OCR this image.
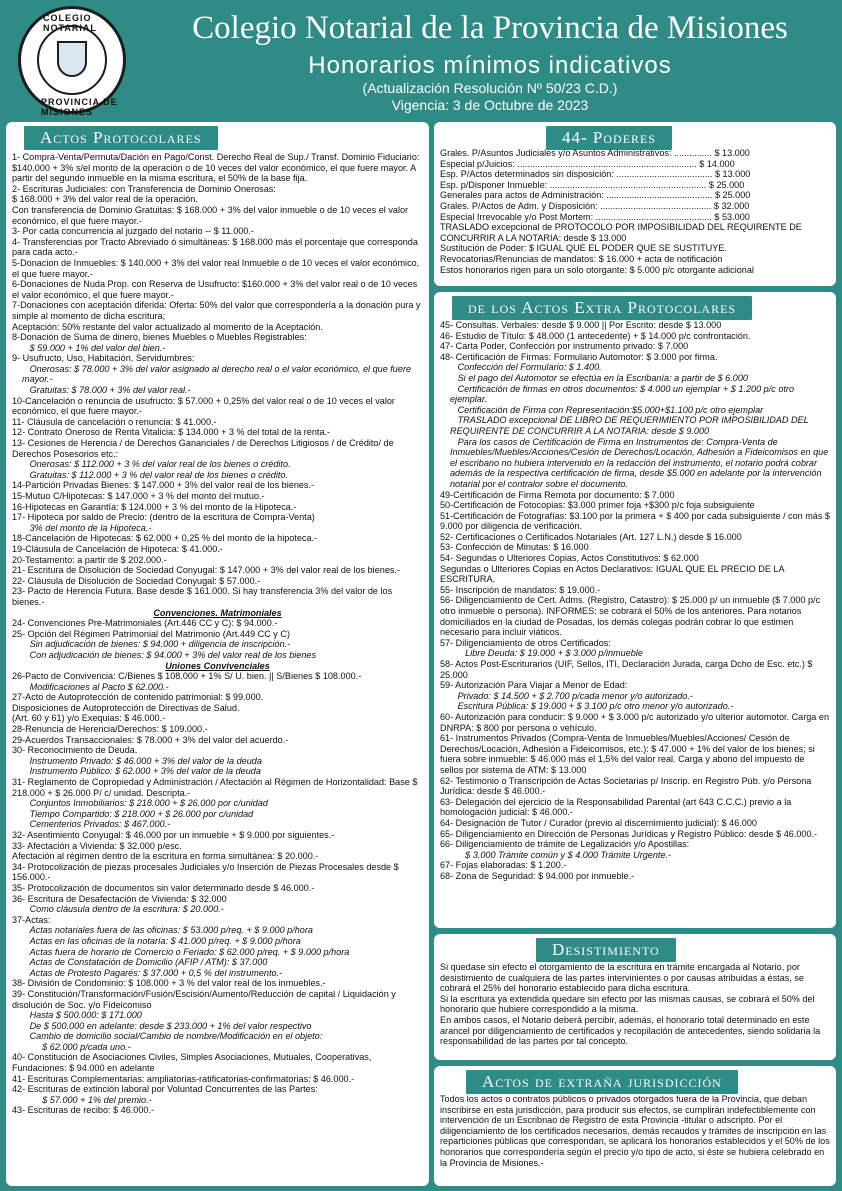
COLEGIO NOTARIAL
PROVINCIA DE MISIONES
Colegio Notarial de la Provincia de Misiones
Honorarios mínimos indicativos
(Actualización Resolución Nº 50/23 C.D.)
Vigencia: 3 de Octubre de 2023
Actos Protocolares
1- Compra-Venta/Permuta/Dación en Pago/Const. Derecho Real de Sup./ Transf. Dominio Fiduciario: $140.000 + 3% s/el monto de la operación o de 10 veces del valor económico, el que fuere mayor. A partir del segundo inmueble en la misma escritura, el 50% de la base fija.
2- Escrituras Judiciales: con Transferencia de Dominio Onerosas:
$ 168.000 + 3% del valor real de la operación.
Con transferencia de Dominio Gratuitas: $ 168.000 + 3% del valor inmueble o de 10 veces el valor económico, el que fuere mayor.-
3- Por cada concurrencia al juzgado del notario -- $ 11.000.-
4- Transferencias por Tracto Abreviado ó simultáneas: $ 168.000 más el porcentaje que corresponda para cada acto.-
5-Donacion de Inmuebles: $ 140.000 + 3% del valor real Inmueble o de 10 veces el valor económico, el que fuere mayor.-
6-Donaciones de Nuda Prop. con Reserva de Usufructo: $160.000 + 3% del valor real o de 10 veces el valor económico, el que fuere mayor.-
7-Donaciones con aceptación diferida: Oferta: 50% del valor que correspondería a la donación pura y simple al momento de dicha escritura;
Aceptación: 50% restante del valor actualizado al momento de la Aceptación.
8-Donación de Suma de dinero, bienes Muebles o Muebles Registrables:
$ 59.000 + 1% del valor del bien.-
9- Usufructo, Uso, Habitación, Servidumbres:
Onerosas: $ 78.000 + 3% del valor asignado al derecho real o el valor económico, el que fuere mayor.-
Gratuitas: $ 78.000 + 3% del valor real.-
10-Cancelación o renuncia de usufructo: $ 57.000 + 0,25% del valor real o de 10 veces el valor económico, el que fuere mayor.-
11- Cláusula de cancelación o renuncia: $ 41.000.-
12- Contrato Oneroso de Renta Vitalicia: $ 134.000 + 3 % del total de la renta.-
13- Cesiones de Herencia / de Derechos Gananciales / de Derechos Litigiosos / de Crédito/ de Derechos Posesorios etc.:
Onerosas: $ 112.000 + 3 % del valor real de los bienes o crédito.
Gratuitas: $ 112.000 + 3 % del valor real de los bienes o crédito.
14-Partición Privadas Bienes: $ 147.000 + 3% del valor real de los bienes.-
15-Mutuo C/Hipotecas: $ 147.000 + 3 % del monto del mutuo.-
16-Hipotecas en Garantía: $ 124.000 + 3 % del monto de la Hipoteca.-
17- Hipoteca por saldo de Precio: (dentro de la escritura de Compra-Venta)
3% del monto de la Hipoteca.-
18-Cancelación de Hipotecas: $ 62.000 + 0,25 % del monto de la hipoteca.-
19-Cláusula de Cancelación de Hipoteca: $ 41.000.-
20-Testamento: a partir de $ 202.000.-
21- Escritura de Disolución de Sociedad Conyugal: $ 147.000 + 3% del valor real de los bienes.-
22- Cláusula de Disolución de Sociedad Conyugal: $ 57.000.-
23- Pacto de Herencia Futura. Base desde $ 161.000. Si hay transferencia 3% del valor de los bienes.-
Convenciones. Matrimoniales
24- Convenciones Pre-Matrimoniales (Art.446 CC y C): $ 94.000.-
25- Opción del Régimen Patrimonial del Matrimonio (Art.449 CC y C)
Sin adjudicación de bienes: $ 94.000 + diligencia de inscripción.-
Con adjudicación de bienes: $ 94.000 + 3% del valor real de los bienes
Uniones Convivenciales
26-Pacto de Convivencia: C/Bienes $ 108.000 + 1% S/ U. bien. || S/Bienes $ 108.000.-
Modificaciones al Pacto $ 62.000.-
27-Acto de Autoprotección de contenido patrimonial: $ 99.000.
Disposiciones de Autoprotección de Directivas de Salud.
(Art. 60 y 61) y/o Exequias: $ 46.000.-
28-Renuncia de Herencia/Derechos: $ 109.000.-
29-Acuerdos Transaccionales: $ 78.000 + 3% del valor del acuerdo.-
30- Reconocimiento de Deuda.
Instrumento Privado: $ 46.000 + 3% del valor de la deuda
Instrumento Público: $ 62.000 + 3% del valor de la deuda
31- Reglamento de Copropiedad y Administración / Afectación al Régimen de Horizontalidad: Base $ 218.000 + $ 26.000 P/ c/ unidad. Descripta.-
Conjuntos Inmobiliarios: $ 218.000 + $ 26.000 por c/unidad
Tiempo Compartido: $ 218.000 + $ 26.000 por c/unidad
Cementerios Privados: $ 467.000.-
32- Asentimiento Conyugal: $ 46.000 por un inmueble + $ 9.000 por siguientes.-
33- Afectación a Vivienda: $ 32.000 p/esc.
Afectación al régimen dentro de la escritura en forma simultánea: $ 20.000.-
34- Protocolización de piezas procesales Judiciales y/o Inserción de Piezas Procesales desde $ 156.000.-
35- Protocolización de documentos sin valor determinado desde $ 46.000.-
36- Escritura de Desafectación de Vivienda: $ 32.000
Como cláusula dentro de la escritura: $ 20.000.-
37-Actas:
Actas notariales fuera de las oficinas: $ 53.000 p/req. + $ 9.000 p/hora
Actas en las oficinas de la notaría: $ 41.000 p/req. + $ 9.000 p/hora
Actas fuera de horario de Comercio o Feriado: $ 62.000 p/req. + $ 9.000 p/hora
Actas de Constatación de Domicilio (AFIP / ATM): $ 37.000
Actas de Protesto Pagarés: $ 37.000 + 0,5 % del instrumento.-
38- División de Condominio: $ 108.000 + 3 % del valor real de los inmuebles.-
39- Constitución/Transformación/Fusión/Escisión/Aumento/Reducción de capital / Liquidación y disolución de Soc. y/o Fideicomiso
Hasta $ 500.000: $ 171.000
De $ 500.000 en adelante: desde $ 233.000 + 1% del valor respectivo
Cambio de domicilio social/Cambio de nombre/Modificación en el objeto:
$ 62.000 p/cada uno.-
40- Constitución de Asociaciones Civiles, Simples Asociaciones, Mutuales, Cooperativas, Fundaciones: $ 94.000 en adelante
41- Escrituras Complementarias: ampliatorias-ratificatorias-confirmatorias: $ 46.000.-
42- Escrituras de extinción laboral por Voluntad Concurrentes de las Partes:
$ 57.000 + 1% del premio.-
43- Escrituras de recibo: $ 46.000.-
44- Poderes
Grales. P/Asuntos Judiciales y/o Asuntos Administrativos: ............... $ 13.000
Especial p/Juicios: ....................................................................... $ 14.000
Esp. P/Actos determinados sin disposición: ...................................... $ 13.000
Esp. p/Disponer Inmueble: .............................................................. $ 25.000
Generales para actos de Administración: .......................................... $ 25.000
Grales. P/Actos de Adm. y Disposición: ............................................ $ 32.000
Especial Irrevocable y/o Post Mortem: .............................................. $ 53.000
TRASLADO excepcional de PROTOCOLO POR IMPOSIBILIDAD DEL REQUIRENTE DE CONCURRIR A LA NOTARIA: desde $ 13.000
Sustitución de Poder: $ IGUAL QUE EL PODER QUE SE SUSTITUYE.
Revocatorias/Renuncias de mandatos: $ 16.000 + acta de notificación
Estos honorarios rigen para un solo otorgante: $ 5.000 p/c otorgante adicional
de los Actos Extra Protocolares
45- Consultas. Verbales: desde $ 9.000 || Por Escrito: desde $ 13.000
46- Estudio de Título: $ 48.000 (1 antecedente) + $ 14.000 p/c confrontación.
47- Carta Poder, Confección por instrumento privado: $ 7.000
48- Certificación de Firmas: Formulario Automotor: $ 3.000 por firma.
Confección del Formulario: $ 1.400.
Si el pago del Automotor se efectúa en la Escribanía: a partir de $ 6.000
Certificación de firmas en otros documentos: $ 4.000 un ejemplar + $ 1.200 p/c otro ejemplar.
Certificación de Firma con Representación:$5.000+$1.100 p/c otro ejemplar
TRASLADO excepcional DE LIBRO DE REQUERIMIENTO POR IMPOSIBILIDAD DEL REQUIRENTE DE CONCURRIR A LA NOTARIA: desde $ 9.000
Para los casos de Certificación de Firma en Instrumentos de: Compra-Venta de Inmuebles/Muebles/Acciones/Cesión de Derechos/Locación, Adhesión a Fideicomisos en que el escribano no hubiera intervenido en la redacción del instrumento, el notario podrá cobrar además de la respectiva certificación de firma, desde $5.000 en adelante por la intervención notarial por el contralor sobre el documento.
49-Certificación de Firma Remota por documento: $ 7.000
50-Certificación de Fotocopias: $3.000 primer foja +$300 p/c foja subsiguiente
51-Certificación de Fotografías: $3.100 por la primera + $ 400 por cada subsiguiente / con más $ 9.000 por diligencia de verificación.
52- Certificaciones o Certificados Notariales (Art. 127 L.N.) desde $ 16.000
53- Confección de Minutas: $ 16.000
54- Segundas o Ulteriores Copias, Actos Constitutivos: $ 62.000
Segundas o Ulteriores Copias en Actos Declarativos: IGUAL QUE EL PRECIO DE LA ESCRITURA.
55- Inscripción de mandatos: $ 19.000.-
56- Diligenciamiento de Cert. Adms. (Registro, Catastro): $ 25.000 p/ un inmueble ($ 7.000 p/c otro inmueble o persona). INFORMES: se cobrará el 50% de los anteriores. Para notarios domiciliados en la ciudad de Posadas, los demás colegas podrán cobrar lo que estimen necesario para incluir viáticos.
57- Diligenciamiento de otros Certificados:
Libre Deuda: $ 19.000 + $ 3.000 p/inmueble
58- Actos Post-Escriturarios (UIF, Sellos, ITI, Declaración Jurada, carga Dcho de Esc. etc.) $ 25.000
59- Autorización Para Viajar a Menor de Edad:
Privado: $ 14.500 + $ 2.700 p/cada menor y/o autorizado.-
Escritura Pública: $ 19.000 + $ 3.100 p/c otro menor y/o autorizado.-
60- Autorización para conducir: $ 9.000 + $ 3.000 p/c autorizado y/o ulterior automotor. Carga en DNRPA: $ 800 por persona o vehículo.
61- Instrumentos Privados (Compra-Venta de Inmuebles/Muebles/Acciones/ Cesión de Derechos/Locación, Adhesión a Fideicomisos, etc.): $ 47.000 + 1% del valor de los bienes; si fuera sobre inmueble: $ 46.000 más el 1,5% del valor real. Carga y abono del impuesto de sellos por sistema de ATM: $ 13.000
62- Testimonio o Transcripción de Actas Societarias p/ Inscrip. en Registro Púb. y/o Persona Jurídica: desde $ 46.000.-
63- Delegación del ejercicio de la Responsabilidad Parental (art 643 C.C.C.) previo a la homologación judicial: $ 46.000.-
64- Designación de Tutor / Curador (previo al discernimiento judicial): $ 46.000
65- Diligenciamiento en Dirección de Personas Jurídicas y Registro Público: desde $ 46.000.-
66- Diligenciamiento de trámite de Legalización y/o Apostillas:
$ 3.000 Trámite común y $ 4.000 Trámite Urgente.-
67- Fojas elaboradas: $ 1.200.-
68- Zona de Seguridad: $ 94.000 por inmueble.-
Desistimiento
Si quedase sin efecto el otorgamiento de la escritura en trámite encargada al Notario, por desistimiento de cualquiera de las partes intervinientes o por causas atribuidas a éstas, se cobrará el 25% del honorario establecido para dicha escritura.
Si la escritura ya extendida quedare sin efecto por las mismas causas, se cobrará el 50% del honorario que hubiere correspondido a la misma.
En ambos casos, el Notario deberá percibir, además, el honorario total determinado en este arancel por diligenciamiento de certificados y recopilación de antecedentes, siendo solidaria la responsabilidad de las partes por tal concepto.
Actos de extraña jurisdicción
Todos los actos o contratos públicos o privados otorgados fuera de la Provincia, que deban inscribirse en esta jurisdicción, para producir sus efectos, se cumplirán indefectiblemente con intervención de un Escribnao de Registro de esta Provincia -titular o adscripto. Por el diligenciamiento de los certificados necesarios, demás recaudos y trámites de inscripción en las reparticiones públicas que correspondan, se aplicará los honorarios establecidos y el 50% de los honorarios que correspondería según el precio y/o tipo de acto, si éste se hubiera celebrado en la Provincia de Misiones.-
